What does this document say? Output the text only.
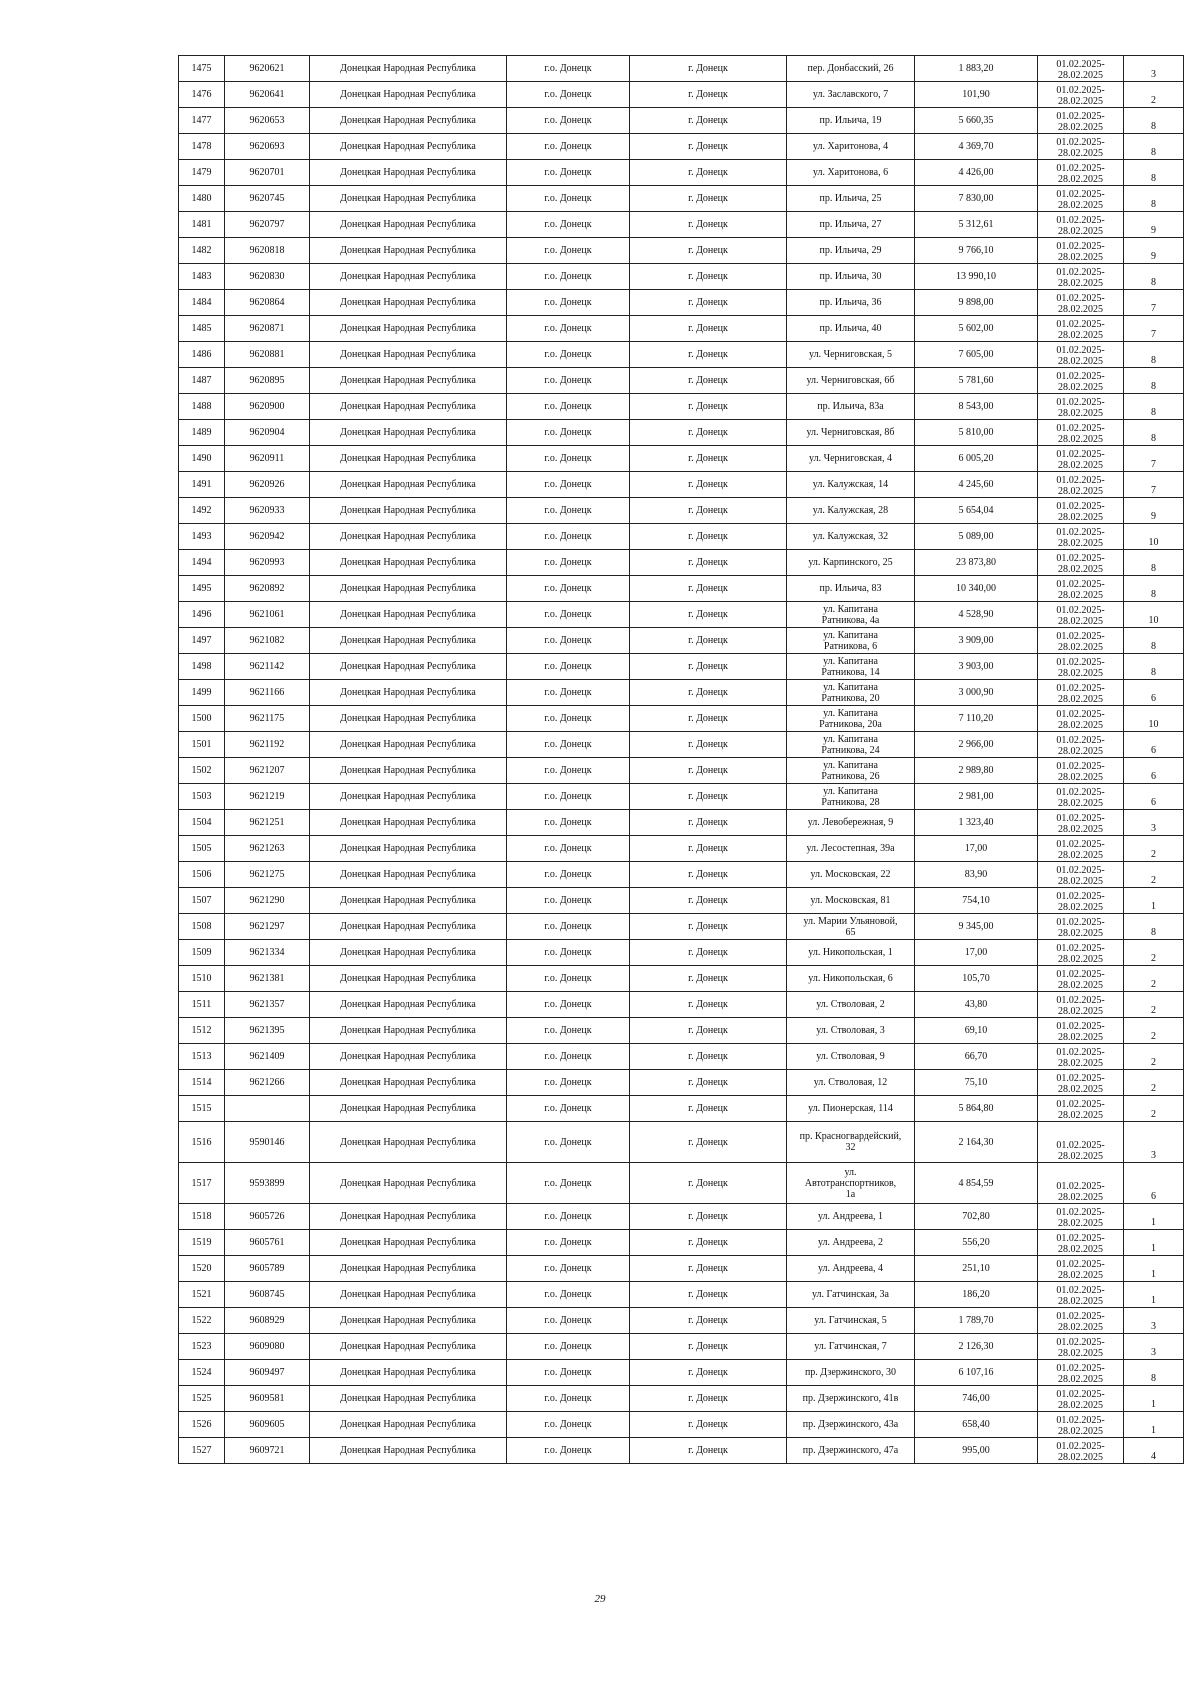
1475	9620621	Донецкая Народная Республика	г.о. Донецк	г. Донецк	пер. Донбасский, 26	1 883,20	01.02.2025-
28.02.2025	3
1476	9620641	Донецкая Народная Республика	г.о. Донецк	г. Донецк	ул. Заславского, 7	101,90	01.02.2025-
28.02.2025	2
1477	9620653	Донецкая Народная Республика	г.о. Донецк	г. Донецк	пр. Ильича, 19	5 660,35	01.02.2025-
28.02.2025	8
1478	9620693	Донецкая Народная Республика	г.о. Донецк	г. Донецк	ул. Харитонова, 4	4 369,70	01.02.2025-
28.02.2025	8
1479	9620701	Донецкая Народная Республика	г.о. Донецк	г. Донецк	ул. Харитонова, 6	4 426,00	01.02.2025-
28.02.2025	8
1480	9620745	Донецкая Народная Республика	г.о. Донецк	г. Донецк	пр. Ильича, 25	7 830,00	01.02.2025-
28.02.2025	8
1481	9620797	Донецкая Народная Республика	г.о. Донецк	г. Донецк	пр. Ильича, 27	5 312,61	01.02.2025-
28.02.2025	9
1482	9620818	Донецкая Народная Республика	г.о. Донецк	г. Донецк	пр. Ильича, 29	9 766,10	01.02.2025-
28.02.2025	9
1483	9620830	Донецкая Народная Республика	г.о. Донецк	г. Донецк	пр. Ильича, 30	13 990,10	01.02.2025-
28.02.2025	8
1484	9620864	Донецкая Народная Республика	г.о. Донецк	г. Донецк	пр. Ильича, 36	9 898,00	01.02.2025-
28.02.2025	7
1485	9620871	Донецкая Народная Республика	г.о. Донецк	г. Донецк	пр. Ильича, 40	5 602,00	01.02.2025-
28.02.2025	7
1486	9620881	Донецкая Народная Республика	г.о. Донецк	г. Донецк	ул. Черниговская, 5	7 605,00	01.02.2025-
28.02.2025	8
1487	9620895	Донецкая Народная Республика	г.о. Донецк	г. Донецк	ул. Черниговская, 6б	5 781,60	01.02.2025-
28.02.2025	8
1488	9620900	Донецкая Народная Республика	г.о. Донецк	г. Донецк	пр. Ильича, 83а	8 543,00	01.02.2025-
28.02.2025	8
1489	9620904	Донецкая Народная Республика	г.о. Донецк	г. Донецк	ул. Черниговская, 8б	5 810,00	01.02.2025-
28.02.2025	8
1490	9620911	Донецкая Народная Республика	г.о. Донецк	г. Донецк	ул. Черниговская, 4	6 005,20	01.02.2025-
28.02.2025	7
1491	9620926	Донецкая Народная Республика	г.о. Донецк	г. Донецк	ул. Калужская, 14	4 245,60	01.02.2025-
28.02.2025	7
1492	9620933	Донецкая Народная Республика	г.о. Донецк	г. Донецк	ул. Калужская, 28	5 654,04	01.02.2025-
28.02.2025	9
1493	9620942	Донецкая Народная Республика	г.о. Донецк	г. Донецк	ул. Калужская, 32	5 089,00	01.02.2025-
28.02.2025	10
1494	9620993	Донецкая Народная Республика	г.о. Донецк	г. Донецк	ул. Карпинского, 25	23 873,80	01.02.2025-
28.02.2025	8
1495	9620892	Донецкая Народная Республика	г.о. Донецк	г. Донецк	пр. Ильича, 83	10 340,00	01.02.2025-
28.02.2025	8
1496	9621061	Донецкая Народная Республика	г.о. Донецк	г. Донецк	ул. Капитана
Ратникова, 4а	4 528,90	01.02.2025-
28.02.2025	10
1497	9621082	Донецкая Народная Республика	г.о. Донецк	г. Донецк	ул. Капитана
Ратникова, 6	3 909,00	01.02.2025-
28.02.2025	8
1498	9621142	Донецкая Народная Республика	г.о. Донецк	г. Донецк	ул. Капитана
Ратникова, 14	3 903,00	01.02.2025-
28.02.2025	8
1499	9621166	Донецкая Народная Республика	г.о. Донецк	г. Донецк	ул. Капитана
Ратникова, 20	3 000,90	01.02.2025-
28.02.2025	6
1500	9621175	Донецкая Народная Республика	г.о. Донецк	г. Донецк	ул. Капитана
Ратникова, 20а	7 110,20	01.02.2025-
28.02.2025	10
1501	9621192	Донецкая Народная Республика	г.о. Донецк	г. Донецк	ул. Капитана
Ратникова, 24	2 966,00	01.02.2025-
28.02.2025	6
1502	9621207	Донецкая Народная Республика	г.о. Донецк	г. Донецк	ул. Капитана
Ратникова, 26	2 989,80	01.02.2025-
28.02.2025	6
1503	9621219	Донецкая Народная Республика	г.о. Донецк	г. Донецк	ул. Капитана
Ратникова, 28	2 981,00	01.02.2025-
28.02.2025	6
1504	9621251	Донецкая Народная Республика	г.о. Донецк	г. Донецк	ул. Левобережная, 9	1 323,40	01.02.2025-
28.02.2025	3
1505	9621263	Донецкая Народная Республика	г.о. Донецк	г. Донецк	ул. Лесостепная, 39а	17,00	01.02.2025-
28.02.2025	2
1506	9621275	Донецкая Народная Республика	г.о. Донецк	г. Донецк	ул. Московская, 22	83,90	01.02.2025-
28.02.2025	2
1507	9621290	Донецкая Народная Республика	г.о. Донецк	г. Донецк	ул. Московская, 81	754,10	01.02.2025-
28.02.2025	1
1508	9621297	Донецкая Народная Республика	г.о. Донецк	г. Донецк	ул. Марии Ульяновой,
65	9 345,00	01.02.2025-
28.02.2025	8
1509	9621334	Донецкая Народная Республика	г.о. Донецк	г. Донецк	ул. Никопольская, 1	17,00	01.02.2025-
28.02.2025	2
1510	9621381	Донецкая Народная Республика	г.о. Донецк	г. Донецк	ул. Никопольская, 6	105,70	01.02.2025-
28.02.2025	2
1511	9621357	Донецкая Народная Республика	г.о. Донецк	г. Донецк	ул. Стволовая, 2	43,80	01.02.2025-
28.02.2025	2
1512	9621395	Донецкая Народная Республика	г.о. Донецк	г. Донецк	ул. Стволовая, 3	69,10	01.02.2025-
28.02.2025	2
1513	9621409	Донецкая Народная Республика	г.о. Донецк	г. Донецк	ул. Стволовая, 9	66,70	01.02.2025-
28.02.2025	2
1514	9621266	Донецкая Народная Республика	г.о. Донецк	г. Донецк	ул. Стволовая, 12	75,10	01.02.2025-
28.02.2025	2
1515		Донецкая Народная Республика	г.о. Донецк	г. Донецк	ул. Пионерская, 114	5 864,80	01.02.2025-
28.02.2025	2
1516	9590146	Донецкая Народная Республика	г.о. Донецк	г. Донецк	пр. Красногвардейский,
32	2 164,30	01.02.2025-
28.02.2025	3
1517	9593899	Донецкая Народная Республика	г.о. Донецк	г. Донецк	ул.
Автотранспортников,
1а	4 854,59	01.02.2025-
28.02.2025	6
1518	9605726	Донецкая Народная Республика	г.о. Донецк	г. Донецк	ул. Андреева, 1	702,80	01.02.2025-
28.02.2025	1
1519	9605761	Донецкая Народная Республика	г.о. Донецк	г. Донецк	ул. Андреева, 2	556,20	01.02.2025-
28.02.2025	1
1520	9605789	Донецкая Народная Республика	г.о. Донецк	г. Донецк	ул. Андреева, 4	251,10	01.02.2025-
28.02.2025	1
1521	9608745	Донецкая Народная Республика	г.о. Донецк	г. Донецк	ул. Гатчинская, 3а	186,20	01.02.2025-
28.02.2025	1
1522	9608929	Донецкая Народная Республика	г.о. Донецк	г. Донецк	ул. Гатчинская, 5	1 789,70	01.02.2025-
28.02.2025	3
1523	9609080	Донецкая Народная Республика	г.о. Донецк	г. Донецк	ул. Гатчинская, 7	2 126,30	01.02.2025-
28.02.2025	3
1524	9609497	Донецкая Народная Республика	г.о. Донецк	г. Донецк	пр. Дзержинского, 30	6 107,16	01.02.2025-
28.02.2025	8
1525	9609581	Донецкая Народная Республика	г.о. Донецк	г. Донецк	пр. Дзержинского, 41в	746,00	01.02.2025-
28.02.2025	1
1526	9609605	Донецкая Народная Республика	г.о. Донецк	г. Донецк	пр. Дзержинского, 43а	658,40	01.02.2025-
28.02.2025	1
1527	9609721	Донецкая Народная Республика	г.о. Донецк	г. Донецк	пр. Дзержинского, 47а	995,00	01.02.2025-
28.02.2025	4
29
